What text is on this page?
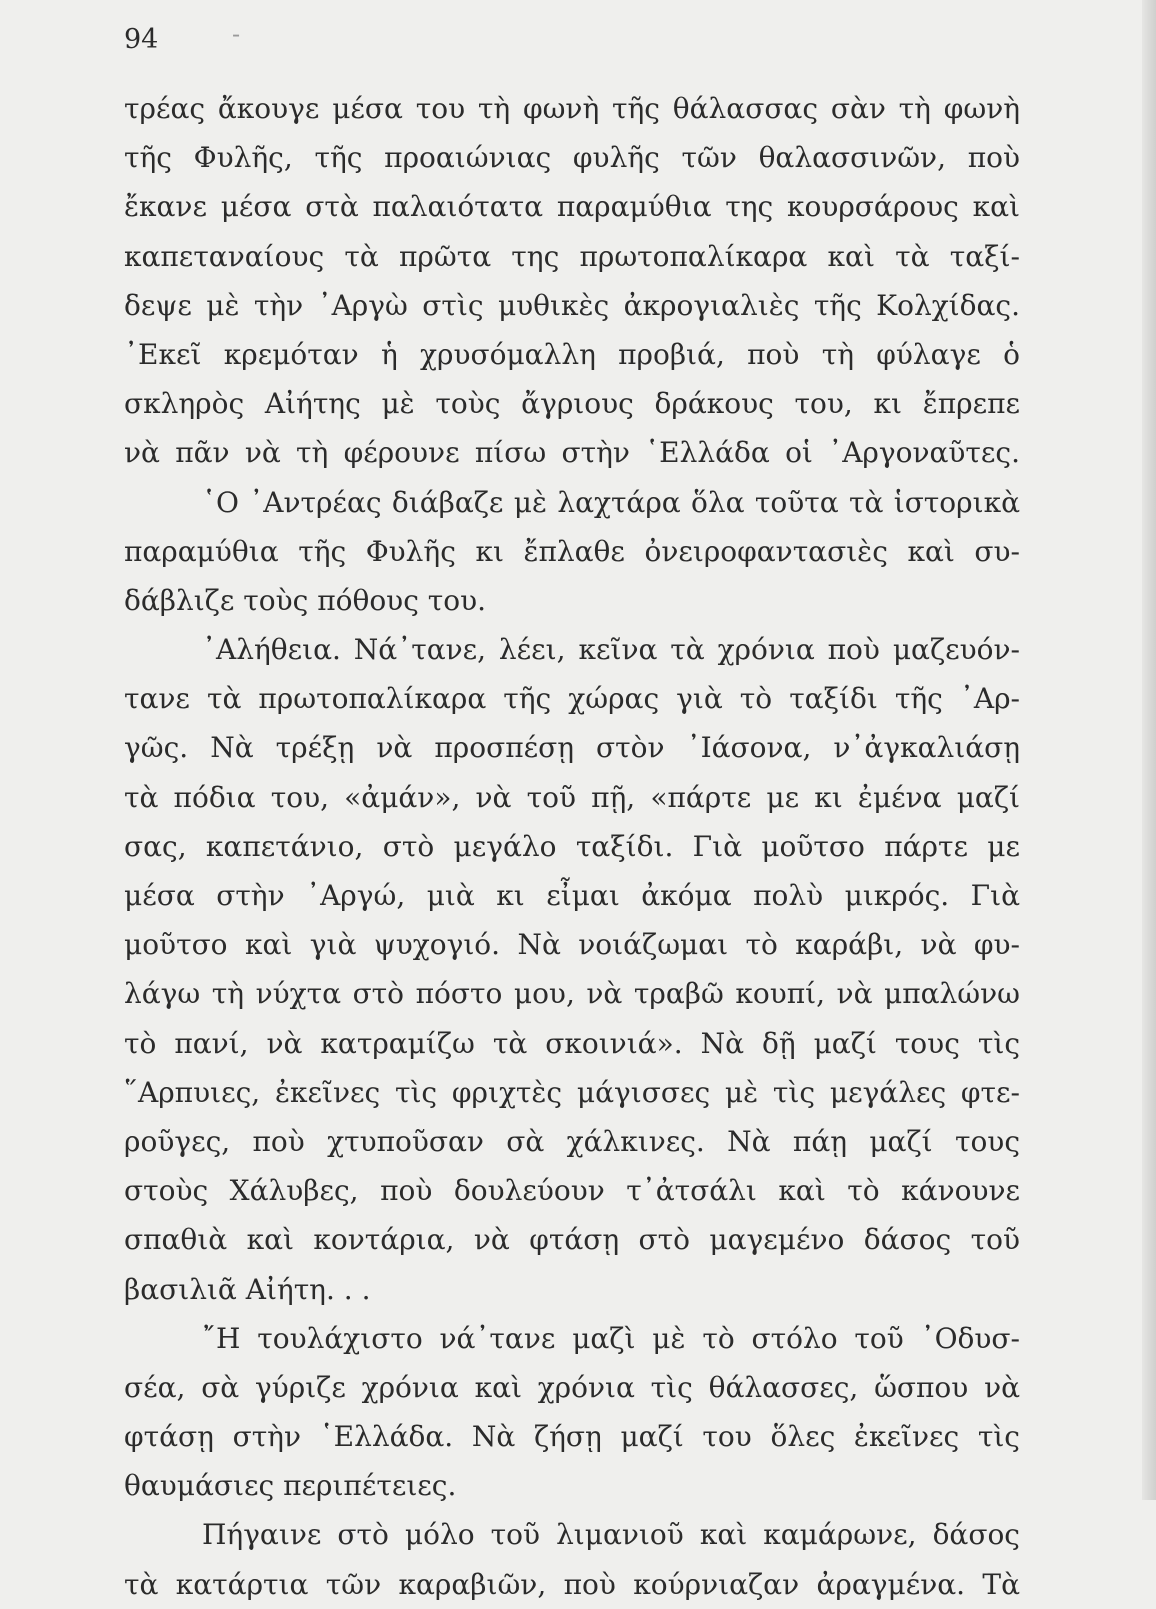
94	-
τρέας ἄκουγε μέσα του τὴ φωνὴ τῆς θάλασσας σὰν τὴ φωνὴ
τῆς Φυλῆς, τῆς προαιώνιας φυλῆς τῶν θαλασσινῶν, ποὺ
ἔκανε μέσα στὰ παλαιότατα παραμύθια της κουρσάρους καὶ
καπεταναίους τὰ πρῶτα της πρωτοπαλίκαρα καὶ τὰ ταξί-
δεψε μὲ τὴν ᾿Αργὼ στὶς μυθικὲς ἀκρογιαλιὲς τῆς Κολχίδας.
᾿Εκεῖ κρεμόταν ἡ χρυσόμαλλη προβιά, ποὺ τὴ φύλαγε ὁ
σκληρὸς Αἰήτης μὲ τοὺς ἄγριους δράκους του, κι ἔπρεπε
νὰ πᾶν νὰ τὴ φέρουνε πίσω στὴν ῾Ελλάδα οἱ ᾿Αργοναῦτες.
῾Ο ᾿Αντρέας διάβαζε μὲ λαχτάρα ὅλα τοῦτα τὰ ἱστορικὰ
παραμύθια τῆς Φυλῆς κι ἔπλαθε ὀνειροφαντασιὲς καὶ συ-
δάβλιζε τοὺς πόθους του.
᾿Αλήθεια. Νά᾿τανε, λέει, κεῖνα τὰ χρόνια ποὺ μαζευόν-
τανε τὰ πρωτοπαλίκαρα τῆς χώρας γιὰ τὸ ταξίδι τῆς ᾿Αρ-
γῶς. Νὰ τρέξῃ νὰ προσπέσῃ στὸν ᾿Ιάσονα, ν᾿ἀγκαλιάσῃ
τὰ πόδια του, «ἀμάν», νὰ τοῦ πῇ, «πάρτε με κι ἐμένα μαζί
σας, καπετάνιο, στὸ μεγάλο ταξίδι. Γιὰ μοῦτσο πάρτε με
μέσα στὴν ᾿Αργώ, μιὰ κι εἶμαι ἀκόμα πολὺ μικρός. Γιὰ
μοῦτσο καὶ γιὰ ψυχογιό. Νὰ νοιάζωμαι τὸ καράβι, νὰ φυ-
λάγω τὴ νύχτα στὸ πόστο μου, νὰ τραβῶ κουπί, νὰ μπαλώνω
τὸ πανί, νὰ κατραμίζω τὰ σκοινιά». Νὰ δῇ μαζί τους τὶς
῞Αρπυιες, ἐκεῖνες τὶς φριχτὲς μάγισσες μὲ τὶς μεγάλες φτε-
ροῦγες, ποὺ χτυποῦσαν σὰ χάλκινες. Νὰ πάῃ μαζί τους
στοὺς Χάλυβες, ποὺ δουλεύουν τ᾿ἀτσάλι καὶ τὸ κάνουνε
σπαθιὰ καὶ κοντάρια, νὰ φτάσῃ στὸ μαγεμένο δάσος τοῦ
βασιλιᾶ Αἰήτη. . .
῎Η τουλάχιστο νά᾿τανε μαζὶ μὲ τὸ στόλο τοῦ ᾿Οδυσ-
σέα, σὰ γύριζε χρόνια καὶ χρόνια τὶς θάλασσες, ὥσπου νὰ
φτάσῃ στὴν ῾Ελλάδα. Νὰ ζήσῃ μαζί του ὅλες ἐκεῖνες τὶς
θαυμάσιες περιπέτειες.
Πήγαινε στὸ μόλο τοῦ λιμανιοῦ καὶ καμάρωνε, δάσος
τὰ κατάρτια τῶν καραβιῶν, ποὺ κούρνιαζαν ἀραγμένα. Τὰ
